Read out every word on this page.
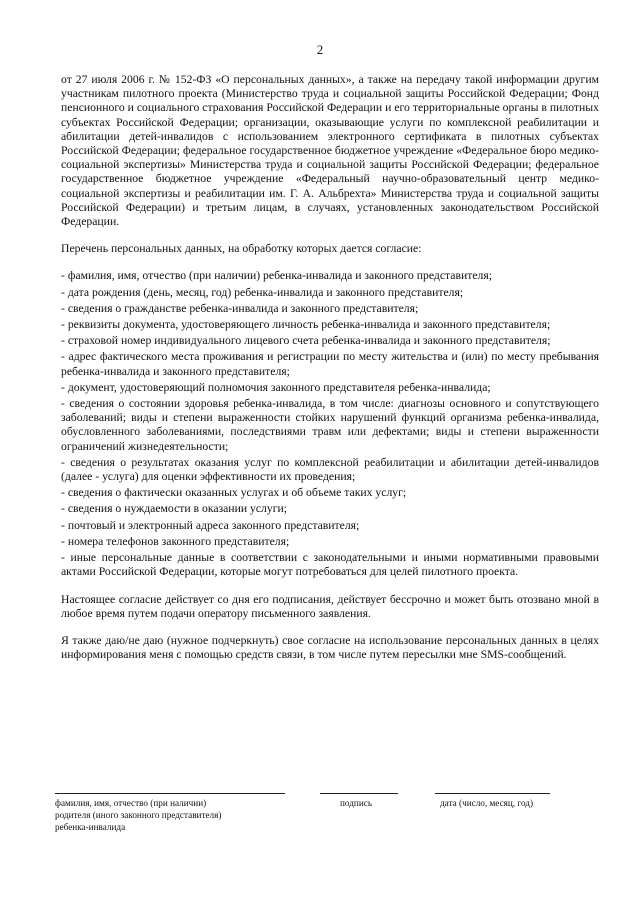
2

от 27 июля 2006 г. № 152-ФЗ «О персональных данных», а также на передачу такой информации другим участникам пилотного проекта (Министерство труда и социальной защиты Российской Федерации; Фонд пенсионного и социального страхования Российской Федерации и его территориальные органы в пилотных субъектах Российской Федерации; организации, оказывающие услуги по комплексной реабилитации и абилитации детей-инвалидов с использованием электронного сертификата в пилотных субъектах Российской Федерации; федеральное государственное бюджетное учреждение «Федеральное бюро медико-социальной экспертизы» Министерства труда и социальной защиты Российской Федерации; федеральное государственное бюджетное учреждение «Федеральный научно-образовательный центр медико-социальной экспертизы и реабилитации им. Г. А. Альбрехта» Министерства труда и социальной защиты Российской Федерации) и третьим лицам, в случаях, установленных законодательством Российской Федерации.

Перечень персональных данных, на обработку которых дается согласие:

- фамилия, имя, отчество (при наличии) ребенка-инвалида и законного представителя;
- дата рождения (день, месяц, год) ребенка-инвалида и законного представителя;
- сведения о гражданстве ребенка-инвалида и законного представителя;
- реквизиты документа, удостоверяющего личность ребенка-инвалида и законного представителя;
- страховой номер индивидуального лицевого счета ребенка-инвалида и законного представителя;
- адрес фактического места проживания и регистрации по месту жительства и (или) по месту пребывания ребенка-инвалида и законного представителя;
- документ, удостоверяющий полномочия законного представителя ребенка-инвалида;
- сведения о состоянии здоровья ребенка-инвалида, в том числе: диагнозы основного и сопутствующего заболеваний; виды и степени выраженности стойких нарушений функций организма ребенка-инвалида, обусловленного заболеваниями, последствиями травм или дефектами; виды и степени выраженности ограничений жизнедеятельности;
- сведения о результатах оказания услуг по комплексной реабилитации и абилитации детей-инвалидов (далее - услуга) для оценки эффективности их проведения;
- сведения о фактически оказанных услугах и об объеме таких услуг;
- сведения о нуждаемости в оказании услуги;
- почтовый и электронный адреса законного представителя;
- номера телефонов законного представителя;
- иные персональные данные в соответствии с законодательными и иными нормативными правовыми актами Российской Федерации, которые могут потребоваться для целей пилотного проекта.

Настоящее согласие действует со дня его подписания, действует бессрочно и может быть отозвано мной в любое время путем подачи оператору письменного заявления.

Я также даю/не даю (нужное подчеркнуть) свое согласие на использование персональных данных в целях информирования меня с помощью средств связи, в том числе путем пересылки мне SMS-сообщений.

фамилия, имя, отчество (при наличии)
родителя (иного законного представителя)
ребенка-инвалида
подпись	дата (число, месяц, год)
